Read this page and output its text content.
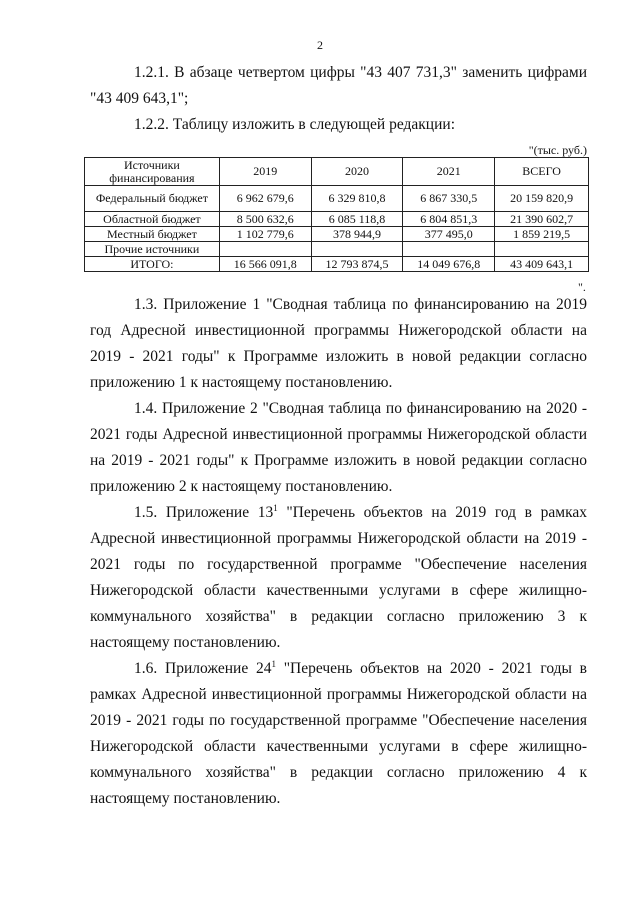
2
1.2.1. В абзаце четвертом цифры "43 407 731,3" заменить цифрами "43 409 643,1";
1.2.2. Таблицу изложить в следующей редакции:
"(тыс. руб.)
Источники финансирования	2019	2020	2021	ВСЕГО
Федеральный бюджет	6 962 679,6	6 329 810,8	6 867 330,5	20 159 820,9
Областной бюджет	8 500 632,6	6 085 118,8	6 804 851,3	21 390 602,7
Местный бюджет	1 102 779,6	378 944,9	377 495,0	1 859 219,5
Прочие источники				
ИТОГО:	16 566 091,8	12 793 874,5	14 049 676,8	43 409 643,1
".
1.3. Приложение 1 "Сводная таблица по финансированию на 2019 год Адресной инвестиционной программы Нижегородской области на 2019 - 2021 годы" к Программе изложить в новой редакции согласно приложению 1 к настоящему постановлению.
1.4. Приложение 2 "Сводная таблица по финансированию на 2020 - 2021 годы Адресной инвестиционной программы Нижегородской области на 2019 - 2021 годы" к Программе изложить в новой редакции согласно приложению 2 к настоящему постановлению.
1.5. Приложение $13^1$ "Перечень объектов на 2019 год в рамках Адресной инвестиционной программы Нижегородской области на 2019 - 2021 годы по государственной программе "Обеспечение населения Нижегородской области качественными услугами в сфере жилищно-коммунального хозяйства" в редакции согласно приложению 3 к настоящему постановлению.
1.6. Приложение $24^1$ "Перечень объектов на 2020 - 2021 годы в рамках Адресной инвестиционной программы Нижегородской области на 2019 - 2021 годы по государственной программе "Обеспечение населения Нижегородской области качественными услугами в сфере жилищно-коммунального хозяйства" в редакции согласно приложению 4 к настоящему постановлению.
